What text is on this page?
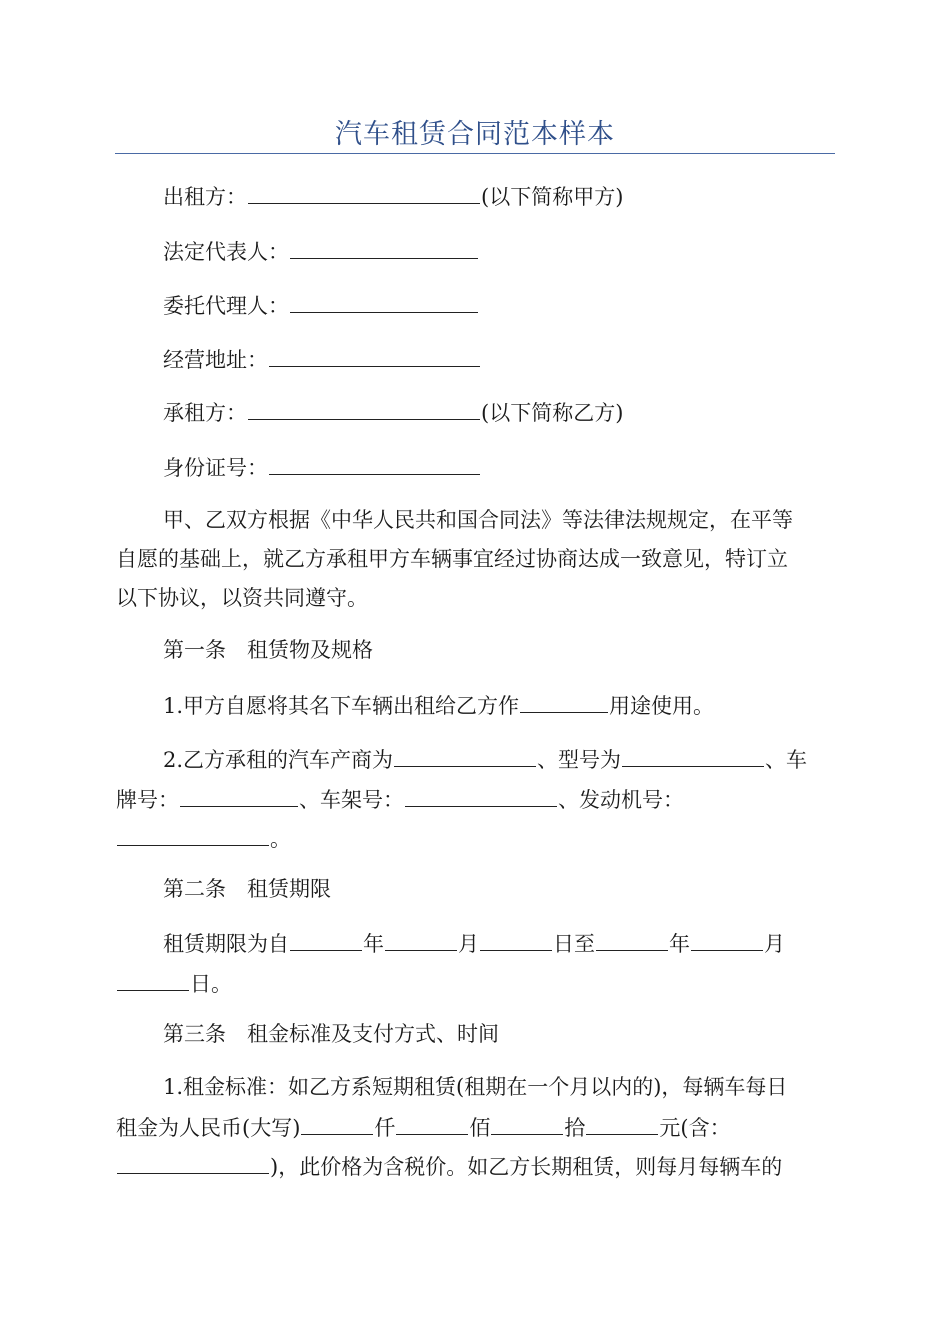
汽车租赁合同范本样本
出租方：	(以下简称甲方)
法定代表人：
委托代理人：
经营地址：
承租方：	(以下简称乙方)
身份证号：
甲、乙双方根据《中华人民共和国合同法》等法律法规规定，在平等
自愿的基础上，就乙方承租甲方车辆事宜经过协商达成一致意见，特订立
以下协议，以资共同遵守。
第一条　租赁物及规格
1.甲方自愿将其名下车辆出租给乙方作	用途使用。
2.乙方承租的汽车产商为	、型号为	、车
牌号：	、车架号：	、发动机号：
。
第二条　租赁期限
租赁期限为自	年	月	日至	年	月
日。
第三条　租金标准及支付方式、时间
1.租金标准：如乙方系短期租赁(租期在一个月以内的)，每辆车每日
租金为人民币(大写)	仟	佰	拾	元(含：
)，此价格为含税价。如乙方长期租赁，则每月每辆车的
